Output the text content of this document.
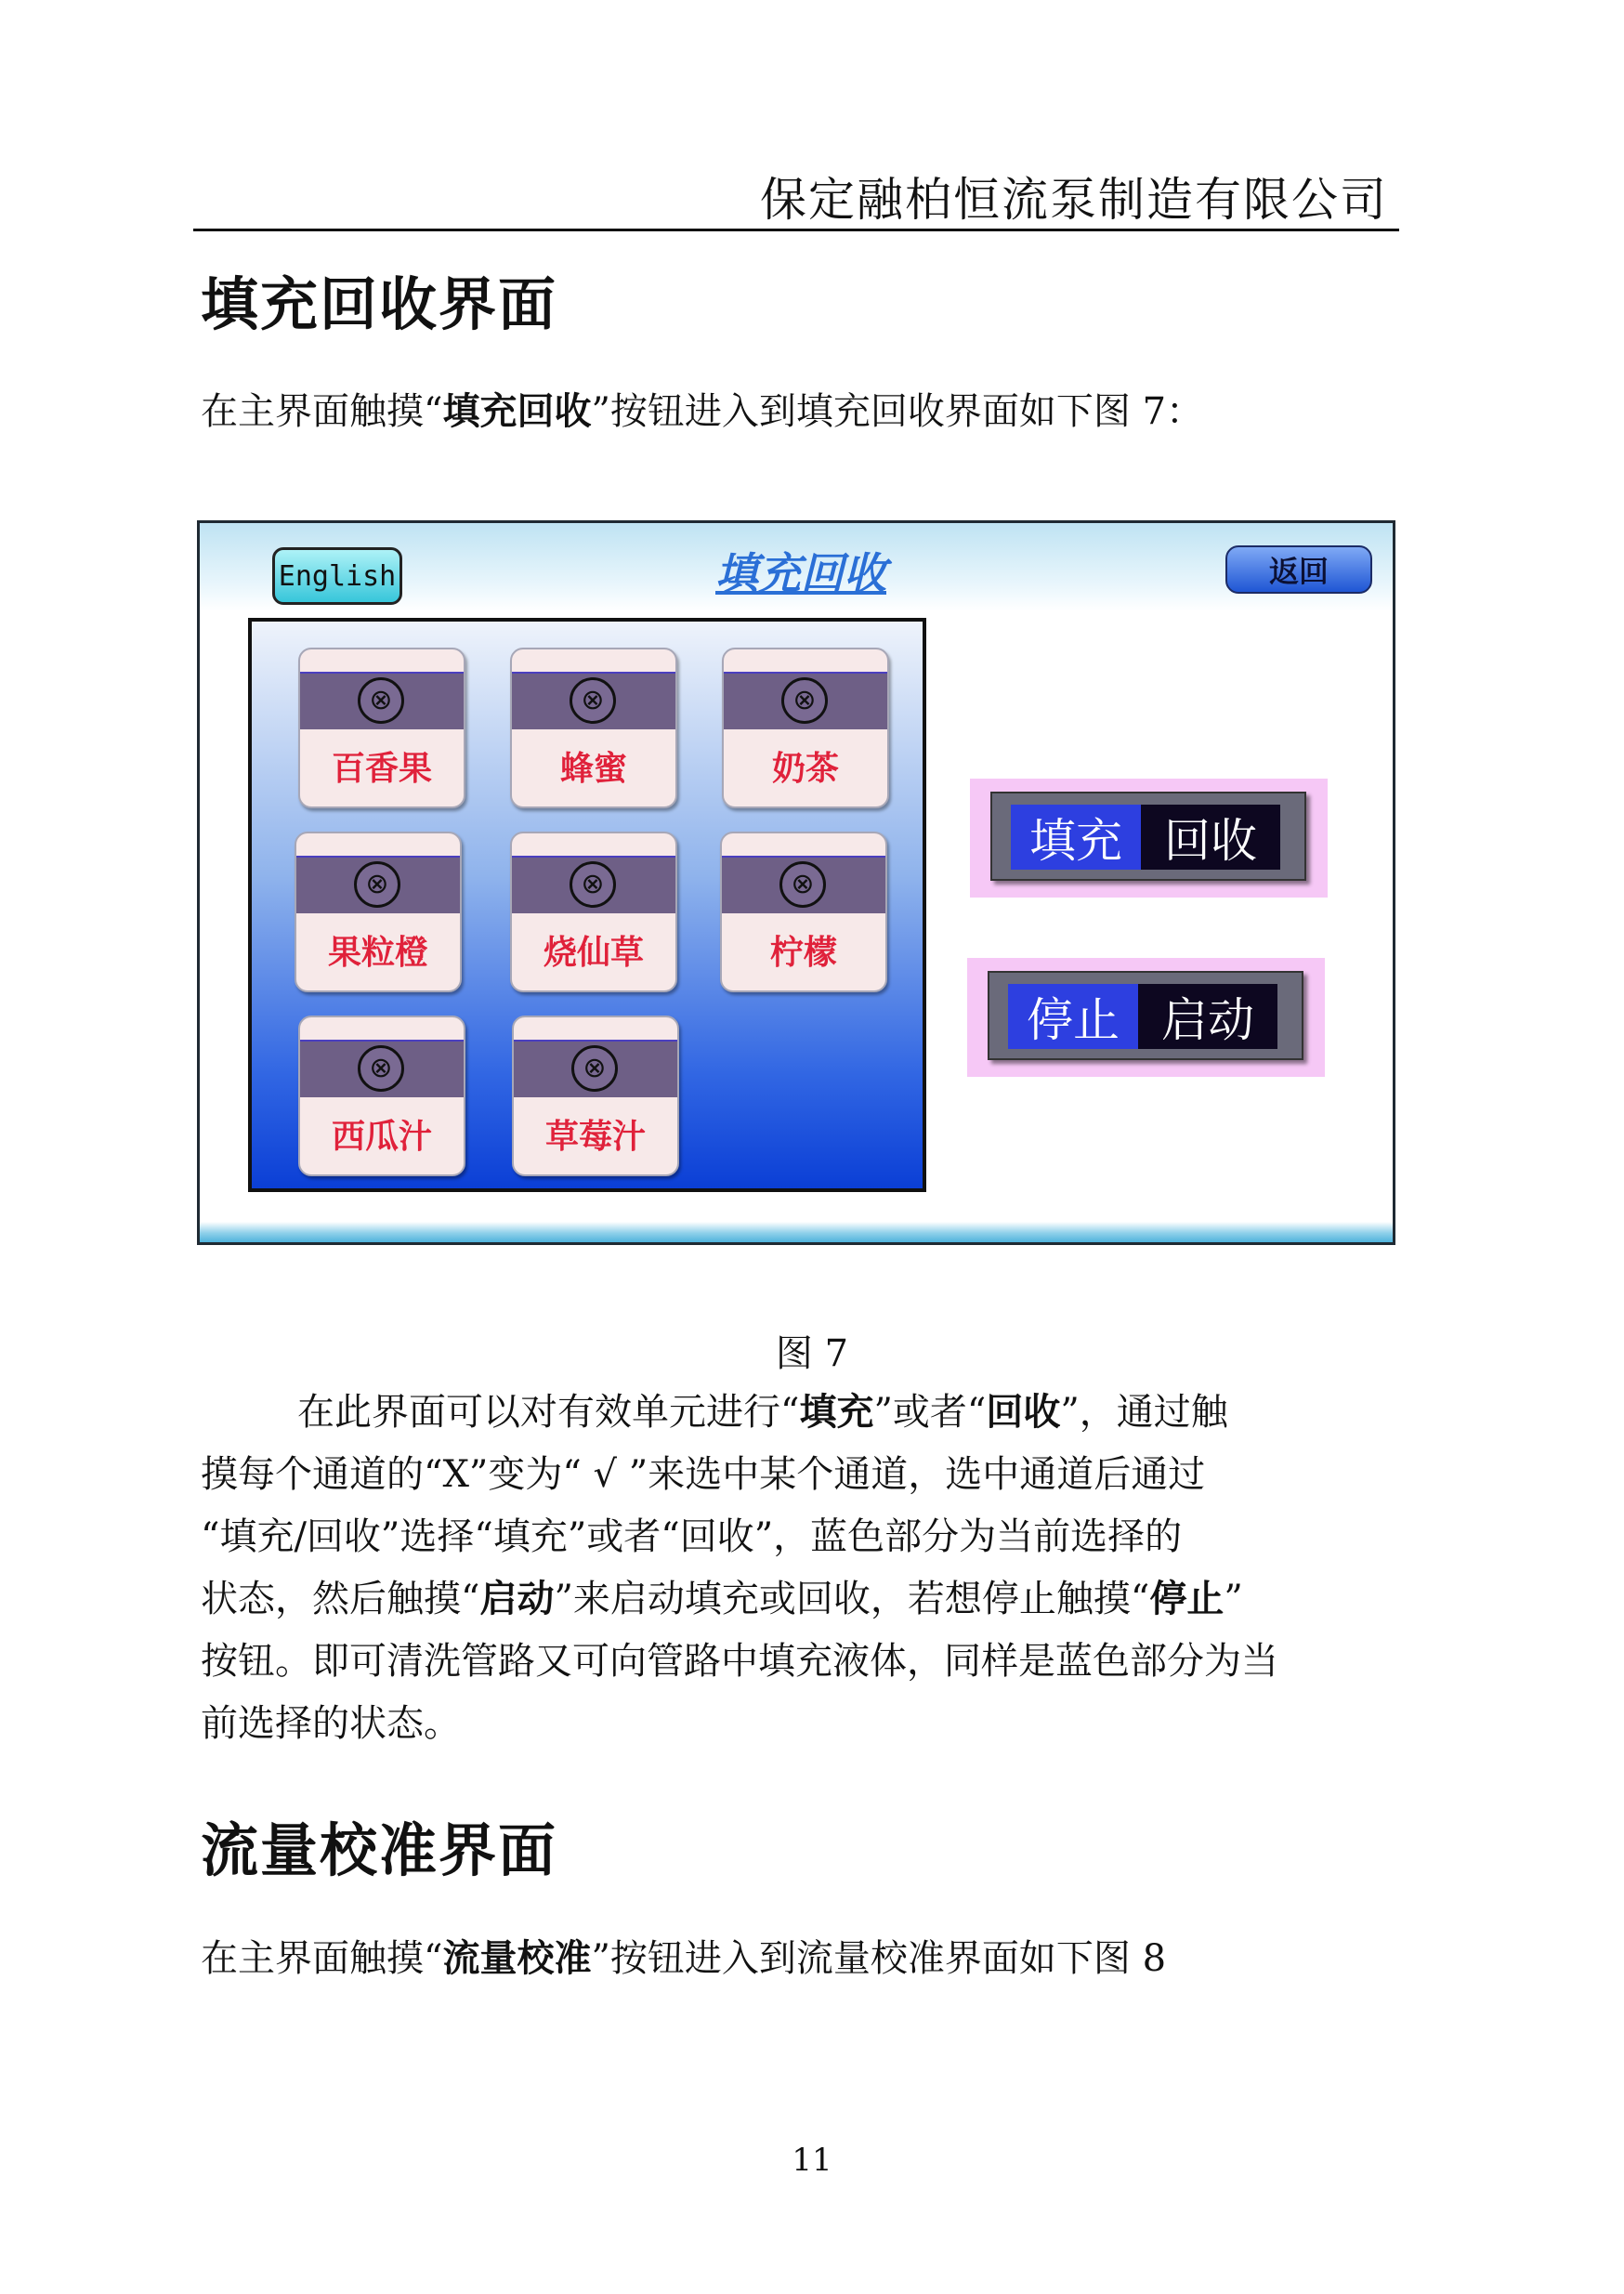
保定融柏恒流泵制造有限公司
填充回收界面
在主界面触摸“填充回收”按钮进入到填充回收界面如下图 7：
English	填充回收	返回
⊗
百香果
⊗
蜂蜜
⊗
奶茶
⊗
果粒橙
⊗
烧仙草
⊗
柠檬
⊗
西瓜汁
⊗
草莓汁
填充 回收
停止 启动
图 7
在此界面可以对有效单元进行“填充”或者“回收”，通过触
摸每个通道的“X”变为“ √ ”来选中某个通道，选中通道后通过
“填充/回收”选择“填充”或者“回收”，蓝色部分为当前选择的
状态，然后触摸“启动”来启动填充或回收，若想停止触摸“停止”
按钮。即可清洗管路又可向管路中填充液体，同样是蓝色部分为当
前选择的状态。
流量校准界面
在主界面触摸“流量校准”按钮进入到流量校准界面如下图 8
11
